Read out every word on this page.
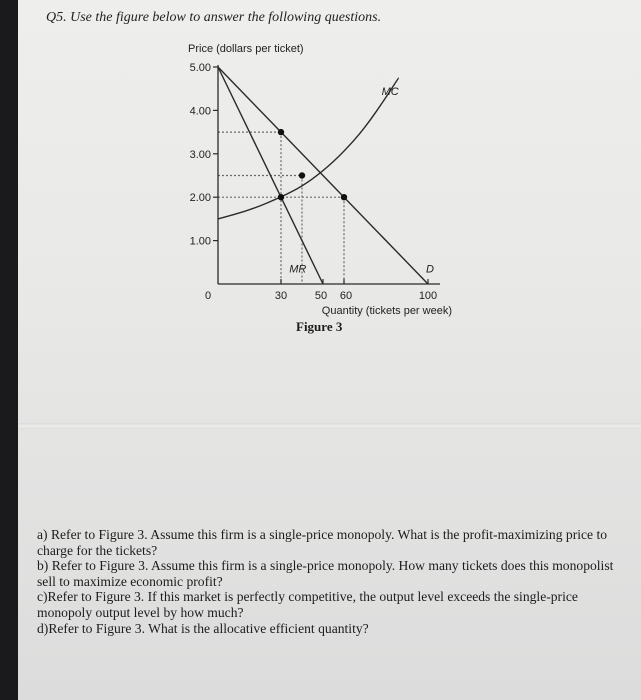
Q5. Use the figure below to answer the following questions.
5.00
4.00
3.00
2.00
1.00
0	30	50 60	100
Price (dollars per ticket)
Quantity (tickets per week)
MC
MR	D
Figure 3

a) Refer to Figure 3. Assume this firm is a single-price monopoly. What is the profit-maximizing price to charge for the tickets?

b) Refer to Figure 3. Assume this firm is a single-price monopoly. How many tickets does this monopolist sell to maximize economic profit?

c)Refer to Figure 3. If this market is perfectly competitive, the output level exceeds the single-price monopoly output level by how much?

d)Refer to Figure 3. What is the allocative efficient quantity?
